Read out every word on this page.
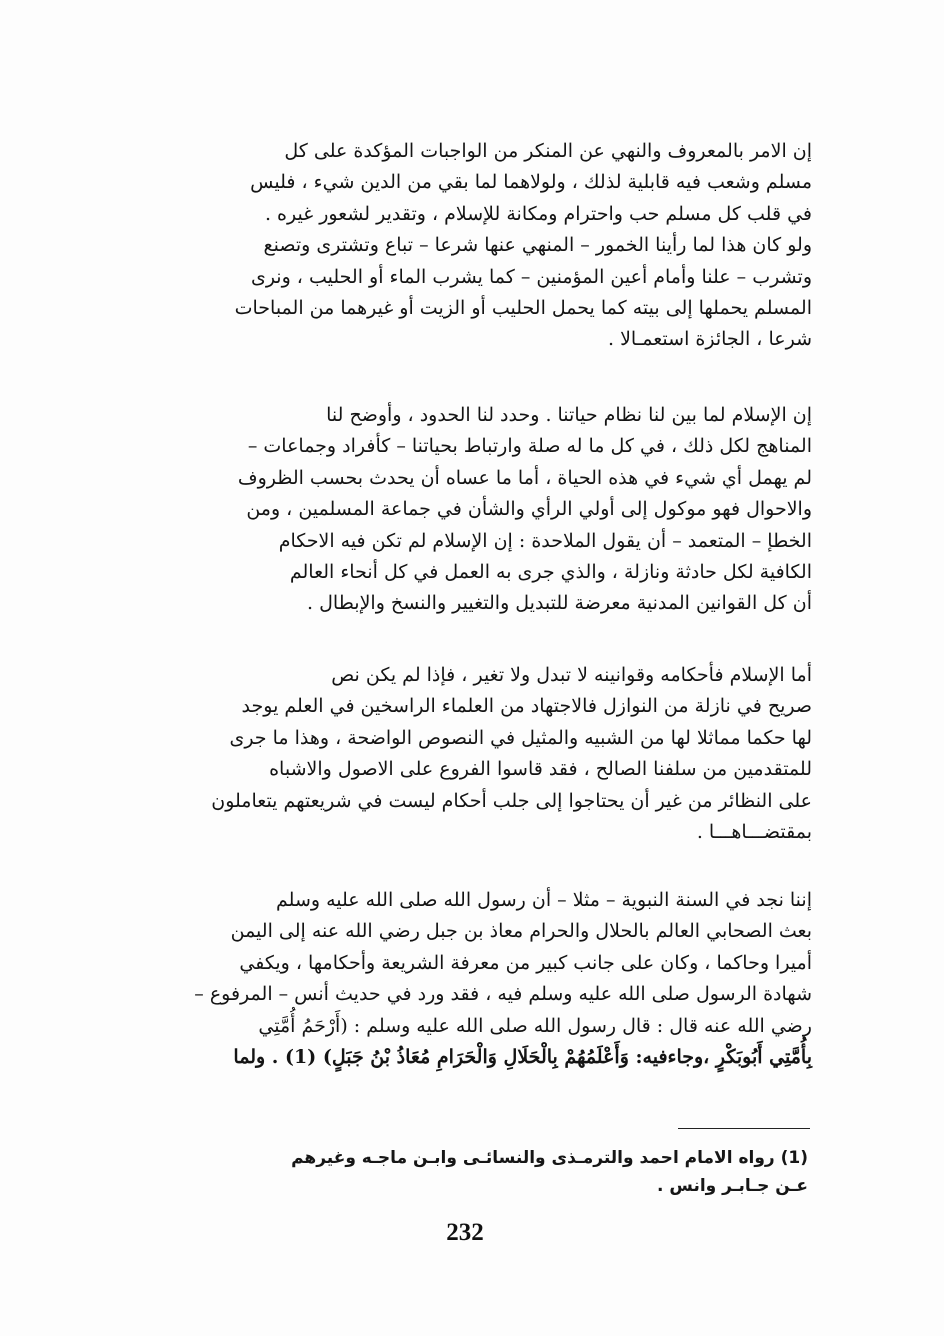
إن الامر بالمعروف والنهي عن المنكر من الواجبات المؤكدة على كل

مسلم وشعب فيه قابلية لذلك ، ولولاهما لما بقي من الدين شيء ، فليس

في قلب كل مسلم حب واحترام ومكانة للإسلام ، وتقدير لشعور غيره .

ولو كان هذا لما رأينا الخمور – المنهي عنها شرعا – تباع وتشترى وتصنع

وتشرب – علنا وأمام أعين المؤمنين – كما يشرب الماء أو الحليب ، ونرى

المسلم يحملها إلى بيته كما يحمل الحليب أو الزيت أو غيرهما من المباحات

شرعا ، الجائزة استعمـالا .

إن الإسلام لما بين لنا نظام حياتنا . وحدد لنا الحدود ، وأوضح لنا

المناهج لكل ذلك ، في كل ما له صلة وارتباط بحياتنا – كأفراد وجماعات –

لم يهمل أي شيء في هذه الحياة ، أما ما عساه أن يحدث بحسب الظروف

والاحوال فهو موكول إلى أولي الرأي والشأن في جماعة المسلمين ، ومن

الخطإ – المتعمد – أن يقول الملاحدة : إن الإسلام لم تكن فيه الاحكام

الكافية لكل حادثة ونازلة ، والذي جرى به العمل في كل أنحاء العالم

أن كل القوانين المدنية معرضة للتبديل والتغيير والنسخ والإبطال .

أما الإسلام فأحكامه وقوانينه لا تبدل ولا تغير ، فإذا لم يكن نص

صريح في نازلة من النوازل فالاجتهاد من العلماء الراسخين في العلم يوجد

لها حكما مماثلا لها من الشبيه والمثيل في النصوص الواضحة ، وهذا ما جرى

للمتقدمين من سلفنا الصالح ، فقد قاسوا الفروع على الاصول والاشباه

على النظائر من غير أن يحتاجوا إلى جلب أحكام ليست في شريعتهم يتعاملون

بمقتضـــاهـــا .

إننا نجد في السنة النبوية – مثلا – أن رسول الله صلى الله عليه وسلم

بعث الصحابي العالم بالحلال والحرام معاذ بن جبل رضي الله عنه إلى اليمن

أميرا وحاكما ، وكان على جانب كبير من معرفة الشريعة وأحكامها ، ويكفي

شهادة الرسول صلى الله عليه وسلم فيه ، فقد ورد في حديث أنس – المرفوع –

رضي الله عنه قال : قال رسول الله صلى الله عليه وسلم : (أَرْحَمُ أُمَّتِي

بِأُمَّتِي أَبُوبَكْرٍ ،وجاءفيه: وَأَعْلَمُهُمْ بِالْحَلَالِ وَالْحَرَامِ مُعَاذُ بْنُ جَبَلٍ) (1) . ولما

(1) رواه الامام احمد والترمـذى والنسائـى وابـن ماجـه وغيرهم

عـن جـابـر وانس .

232
